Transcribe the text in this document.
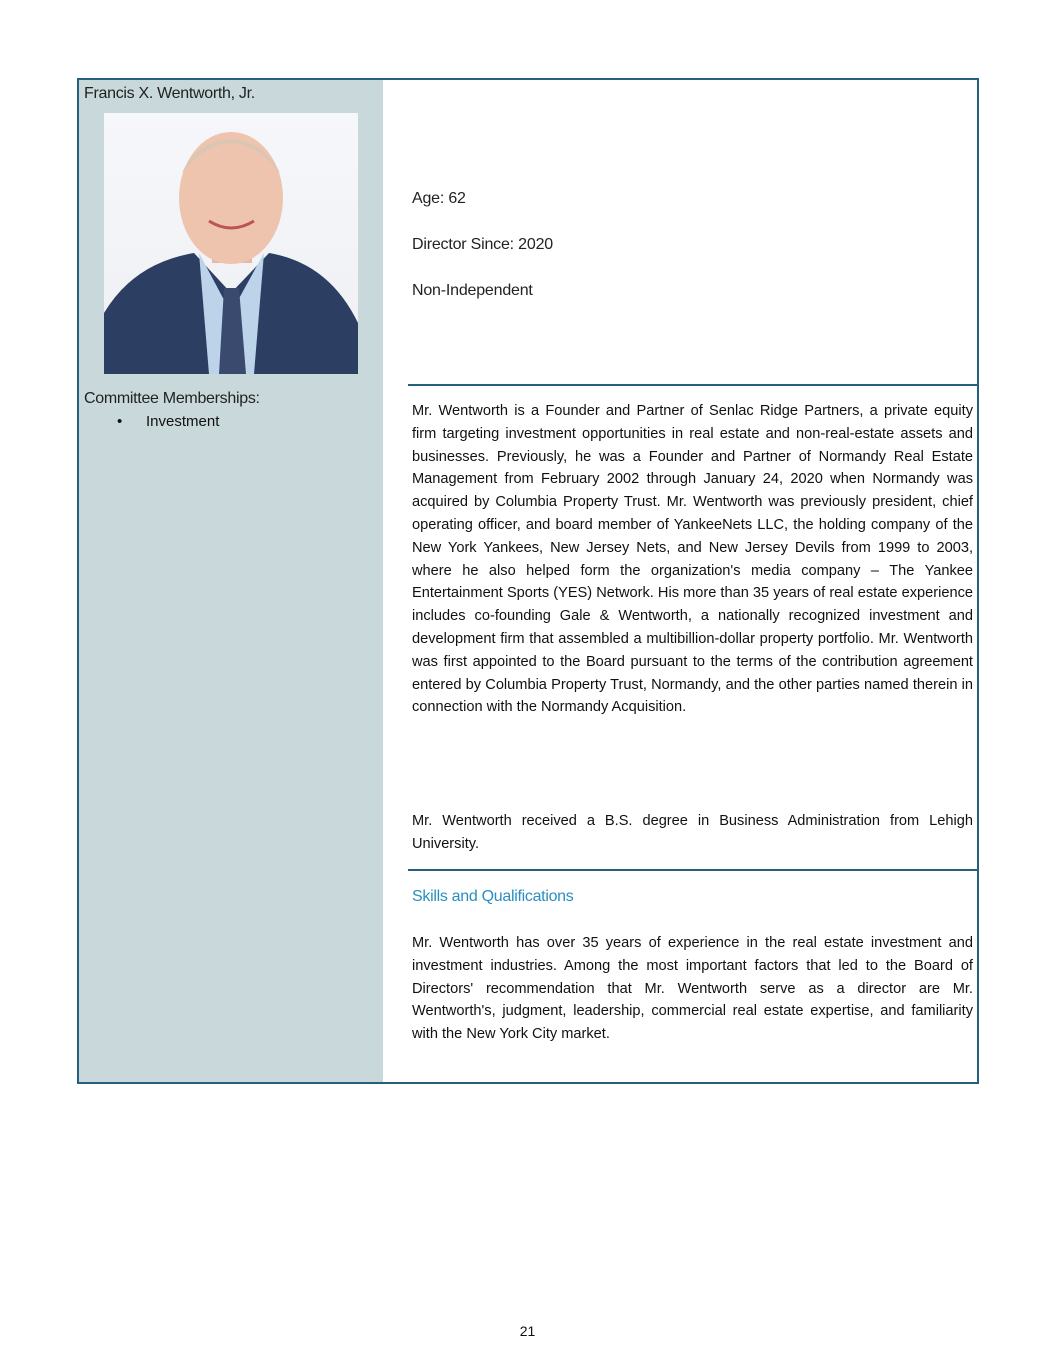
Francis X. Wentworth, Jr.
Committee Memberships:
• Investment
Age: 62
Director Since: 2020
Non-Independent

Mr. Wentworth is a Founder and Partner of Senlac Ridge Partners, a private equity firm targeting investment opportunities in real estate and non-real-estate assets and businesses. Previously, he was a Founder and Partner of Normandy Real Estate Management from February 2002 through January 24, 2020 when Normandy was acquired by Columbia Property Trust. Mr. Wentworth was previously president, chief operating officer, and board member of YankeeNets LLC, the holding company of the New York Yankees, New Jersey Nets, and New Jersey Devils from 1999 to 2003, where he also helped form the organization's media company – The Yankee Entertainment Sports (YES) Network. His more than 35 years of real estate experience includes co-founding Gale & Wentworth, a nationally recognized investment and development firm that assembled a multibillion-dollar property portfolio. Mr. Wentworth was first appointed to the Board pursuant to the terms of the contribution agreement entered by Columbia Property Trust, Normandy, and the other parties named therein in connection with the Normandy Acquisition.

Mr. Wentworth received a B.S. degree in Business Administration from Lehigh University.

Skills and Qualifications

Mr. Wentworth has over 35 years of experience in the real estate investment and investment industries. Among the most important factors that led to the Board of Directors' recommendation that Mr. Wentworth serve as a director are Mr. Wentworth's, judgment, leadership, commercial real estate expertise, and familiarity with the New York City market.

21
